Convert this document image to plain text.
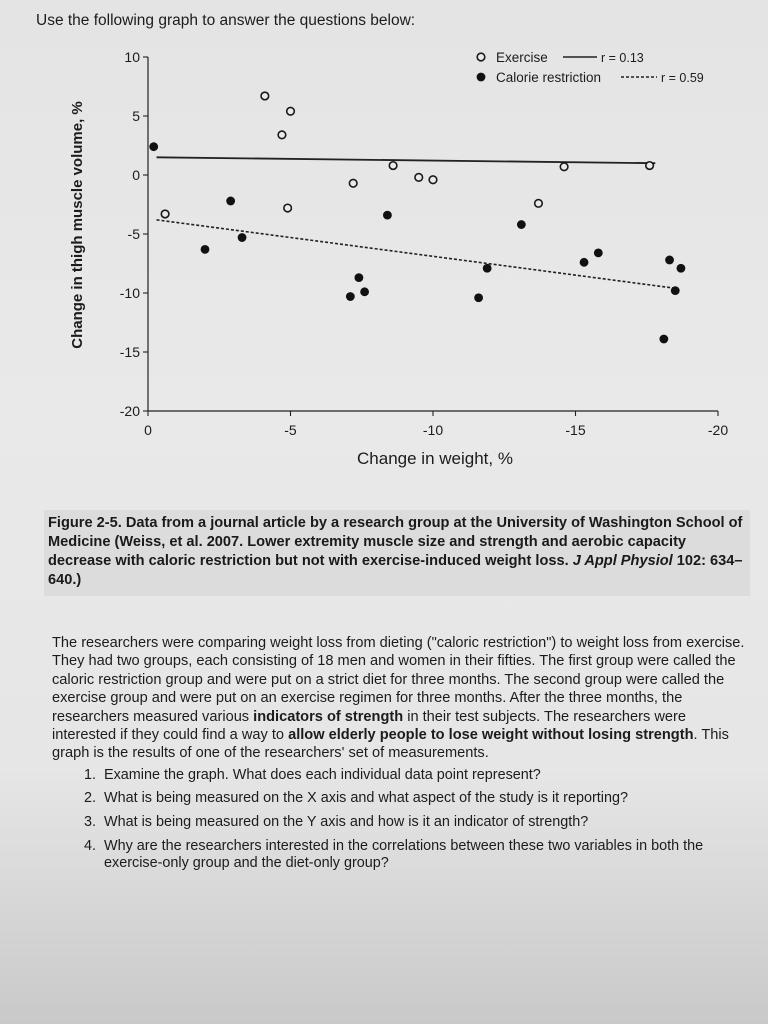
Use the following graph to answer the questions below:
10
5
0
-5
-10
-15
-20
0	-5	-10	-15	-20
Exercise	r = 0.13
Calorie restriction	r = 0.59
Change in weight, %
Change in thigh muscle volume, %
Figure 2-5. Data from a journal article by a research group at the University of Washington School of Medicine (Weiss, et al. 2007. Lower extremity muscle size and strength and aerobic capacity decrease with caloric restriction but not with exercise-induced weight loss. J Appl Physiol 102: 634–640.)
The researchers were comparing weight loss from dieting ("caloric restriction") to weight loss from exercise. They had two groups, each consisting of 18 men and women in their fifties. The first group were called the caloric restriction group and were put on a strict diet for three months. The second group were called the exercise group and were put on an exercise regimen for three months. After the three months, the researchers measured various indicators of strength in their test subjects. The researchers were interested if they could find a way to allow elderly people to lose weight without losing strength. This graph is the results of one of the researchers' set of measurements.
1. Examine the graph. What does each individual data point represent?
2. What is being measured on the X axis and what aspect of the study is it reporting?
3. What is being measured on the Y axis and how is it an indicator of strength?
4. Why are the researchers interested in the correlations between these two variables in both the exercise-only group and the diet-only group?
